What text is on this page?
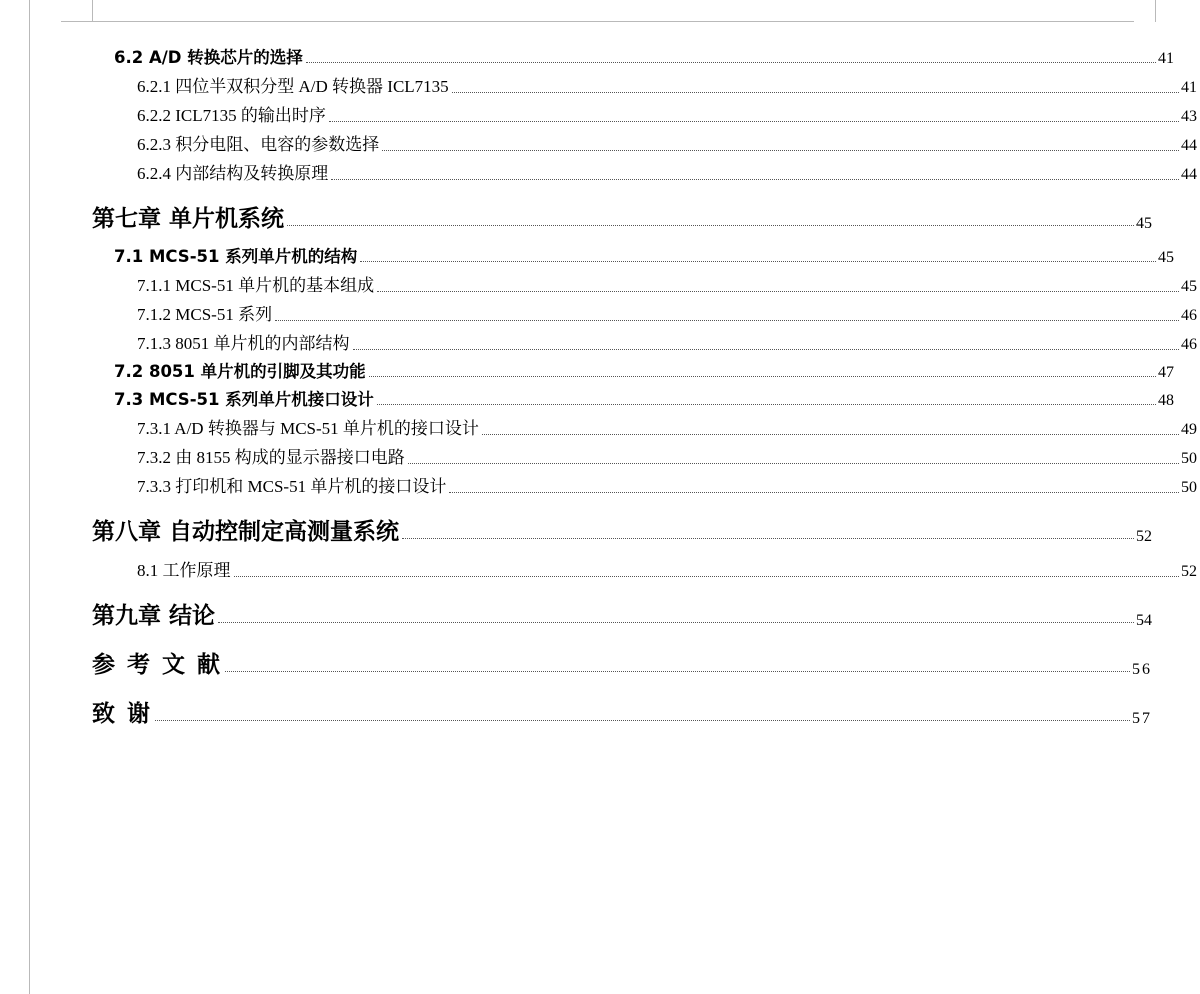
6.2 A/D 转换芯片的选择	41
6.2.1 四位半双积分型 A/D 转换器 ICL7135	41
6.2.2 ICL7135 的输出时序	43
6.2.3 积分电阻、电容的参数选择	44
6.2.4 内部结构及转换原理	44
第七章 单片机系统	45
7.1 MCS-51 系列单片机的结构	45
7.1.1 MCS-51 单片机的基本组成	45
7.1.2 MCS-51 系列	46
7.1.3 8051 单片机的内部结构	46
7.2 8051 单片机的引脚及其功能	47
7.3 MCS-51 系列单片机接口设计	48
7.3.1 A/D 转换器与 MCS-51 单片机的接口设计	49
7.3.2 由 8155 构成的显示器接口电路	50
7.3.3 打印机和 MCS-51 单片机的接口设计	50
第八章 自动控制定高测量系统	52
8.1 工作原理	52
第九章 结论	54
参 考 文 献	56
致 谢	57
